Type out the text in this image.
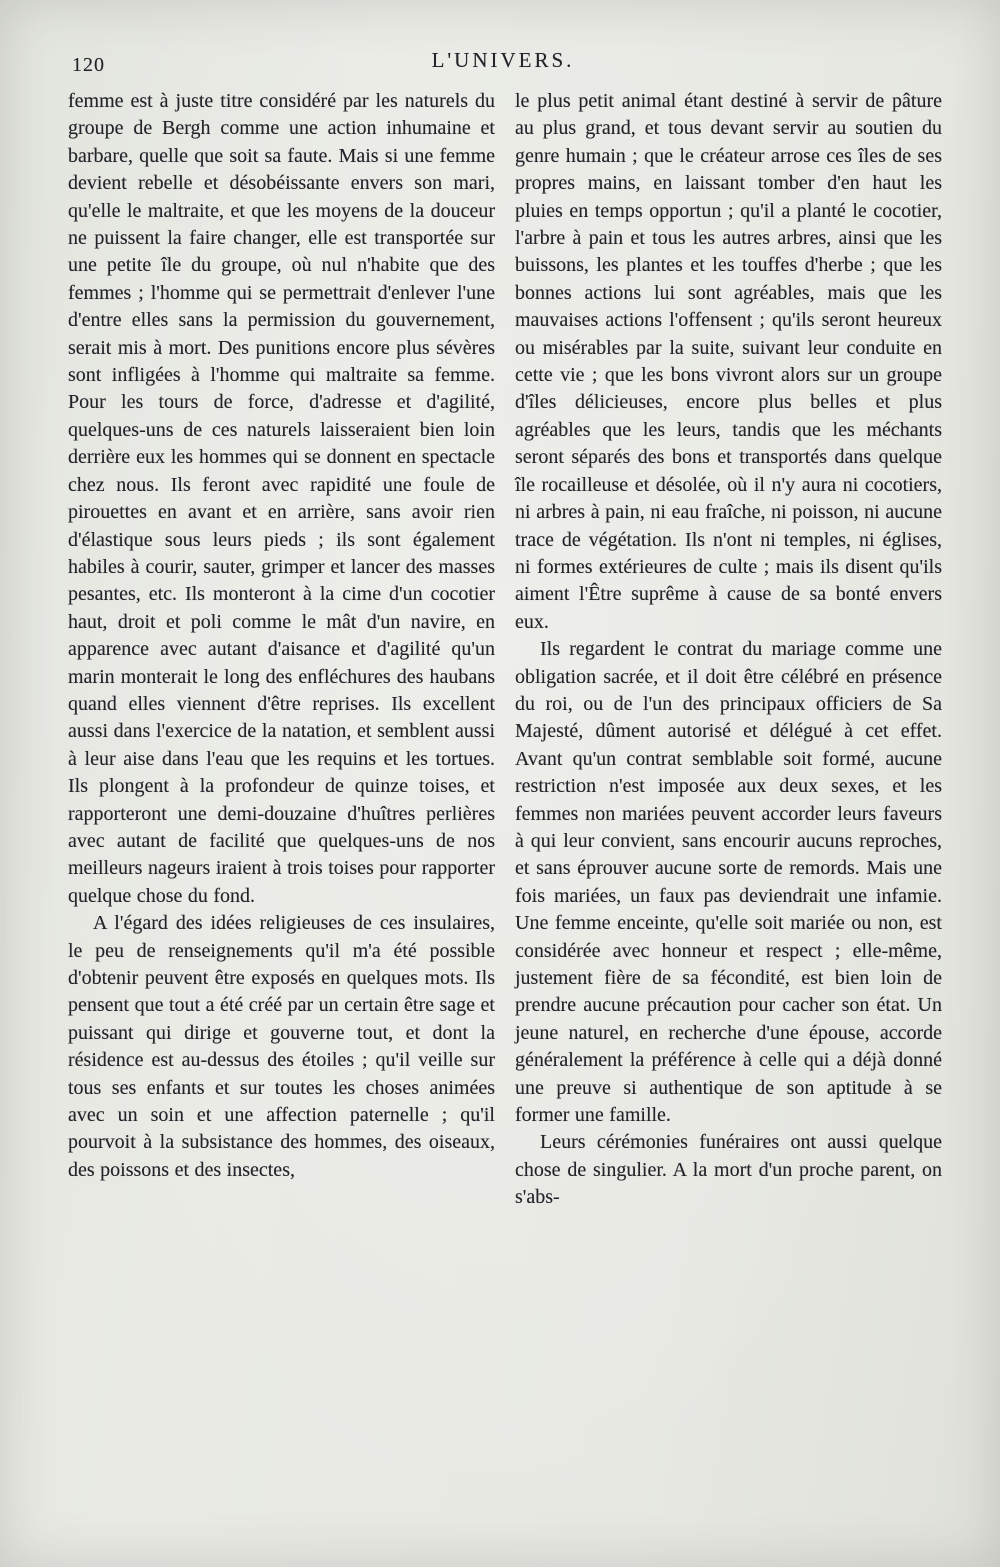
120	L'UNIVERS.

femme est à juste titre considéré par les naturels du groupe de Bergh comme une action inhumaine et barbare, quelle que soit sa faute. Mais si une femme devient rebelle et désobéissante envers son mari, qu'elle le maltraite, et que les moyens de la douceur ne puissent la faire changer, elle est transportée sur une petite île du groupe, où nul n'habite que des femmes ; l'homme qui se permettrait d'enlever l'une d'entre elles sans la permission du gouvernement, serait mis à mort. Des punitions encore plus sévères sont infligées à l'homme qui maltraite sa femme. Pour les tours de force, d'adresse et d'agilité, quelques-uns de ces naturels laisseraient bien loin derrière eux les hommes qui se donnent en spectacle chez nous. Ils feront avec rapidité une foule de pirouettes en avant et en arrière, sans avoir rien d'élastique sous leurs pieds ; ils sont également habiles à courir, sauter, grimper et lancer des masses pesantes, etc. Ils monteront à la cime d'un cocotier haut, droit et poli comme le mât d'un navire, en apparence avec autant d'aisance et d'agilité qu'un marin monterait le long des enfléchures des haubans quand elles viennent d'être reprises. Ils excellent aussi dans l'exercice de la natation, et semblent aussi à leur aise dans l'eau que les requins et les tortues. Ils plongent à la profondeur de quinze toises, et rapporteront une demi-douzaine d'huîtres perlières avec autant de facilité que quelques-uns de nos meilleurs nageurs iraient à trois toises pour rapporter quelque chose du fond.

A l'égard des idées religieuses de ces insulaires, le peu de renseignements qu'il m'a été possible d'obtenir peuvent être exposés en quelques mots. Ils pensent que tout a été créé par un certain être sage et puissant qui dirige et gouverne tout, et dont la résidence est au-dessus des étoiles ; qu'il veille sur tous ses enfants et sur toutes les choses animées avec un soin et une affection paternelle ; qu'il pourvoit à la subsistance des hommes, des oiseaux, des poissons et des insectes,

le plus petit animal étant destiné à servir de pâture au plus grand, et tous devant servir au soutien du genre humain ; que le créateur arrose ces îles de ses propres mains, en laissant tomber d'en haut les pluies en temps opportun ; qu'il a planté le cocotier, l'arbre à pain et tous les autres arbres, ainsi que les buissons, les plantes et les touffes d'herbe ; que les bonnes actions lui sont agréables, mais que les mauvaises actions l'offensent ; qu'ils seront heureux ou misérables par la suite, suivant leur conduite en cette vie ; que les bons vivront alors sur un groupe d'îles délicieuses, encore plus belles et plus agréables que les leurs, tandis que les méchants seront séparés des bons et transportés dans quelque île rocailleuse et désolée, où il n'y aura ni cocotiers, ni arbres à pain, ni eau fraîche, ni poisson, ni aucune trace de végétation. Ils n'ont ni temples, ni églises, ni formes extérieures de culte ; mais ils disent qu'ils aiment l'Être suprême à cause de sa bonté envers eux.

Ils regardent le contrat du mariage comme une obligation sacrée, et il doit être célébré en présence du roi, ou de l'un des principaux officiers de Sa Majesté, dûment autorisé et délégué à cet effet. Avant qu'un contrat semblable soit formé, aucune restriction n'est imposée aux deux sexes, et les femmes non mariées peuvent accorder leurs faveurs à qui leur convient, sans encourir aucuns reproches, et sans éprouver aucune sorte de remords. Mais une fois mariées, un faux pas deviendrait une infamie. Une femme enceinte, qu'elle soit mariée ou non, est considérée avec honneur et respect ; elle-même, justement fière de sa fécondité, est bien loin de prendre aucune précaution pour cacher son état. Un jeune naturel, en recherche d'une épouse, accorde généralement la préférence à celle qui a déjà donné une preuve si authentique de son aptitude à se former une famille.

Leurs cérémonies funéraires ont aussi quelque chose de singulier. A la mort d'un proche parent, on s'abs-
